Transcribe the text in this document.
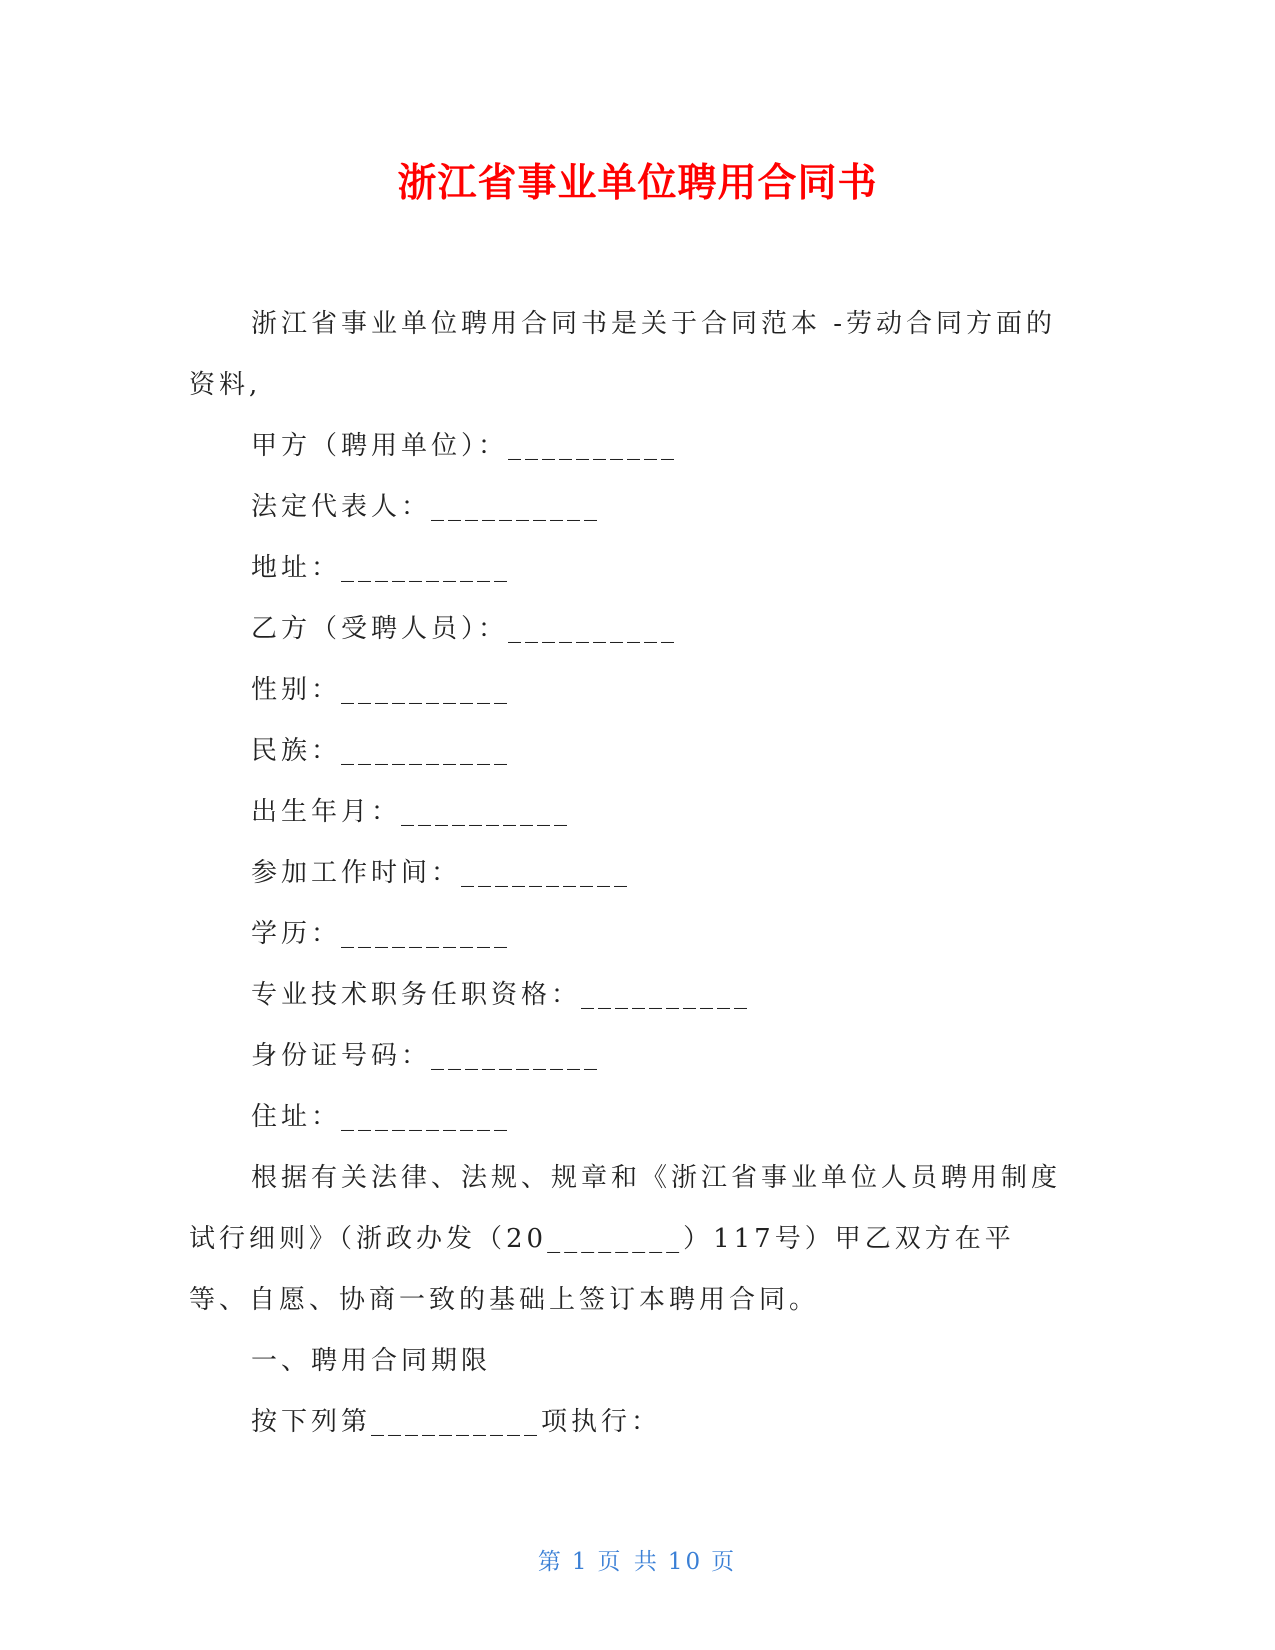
浙江省事业单位聘用合同书

浙江省事业单位聘用合同书是关于合同范本 -劳动合同方面的资料,

甲方（聘用单位）：__________

法定代表人：__________

地址：__________

乙方（受聘人员）：__________

性别：__________

民族：__________

出生年月：__________

参加工作时间：__________

学历：__________

专业技术职务任职资格：__________

身份证号码：__________

住址：__________

根据有关法律、法规、规章和《浙江省事业单位人员聘用制度试行细则》（浙政办发（20________）117号）甲乙双方在平等、自愿、协商一致的基础上签订本聘用合同。

一、聘用合同期限

按下列第__________项执行：

第 1 页 共 10 页
